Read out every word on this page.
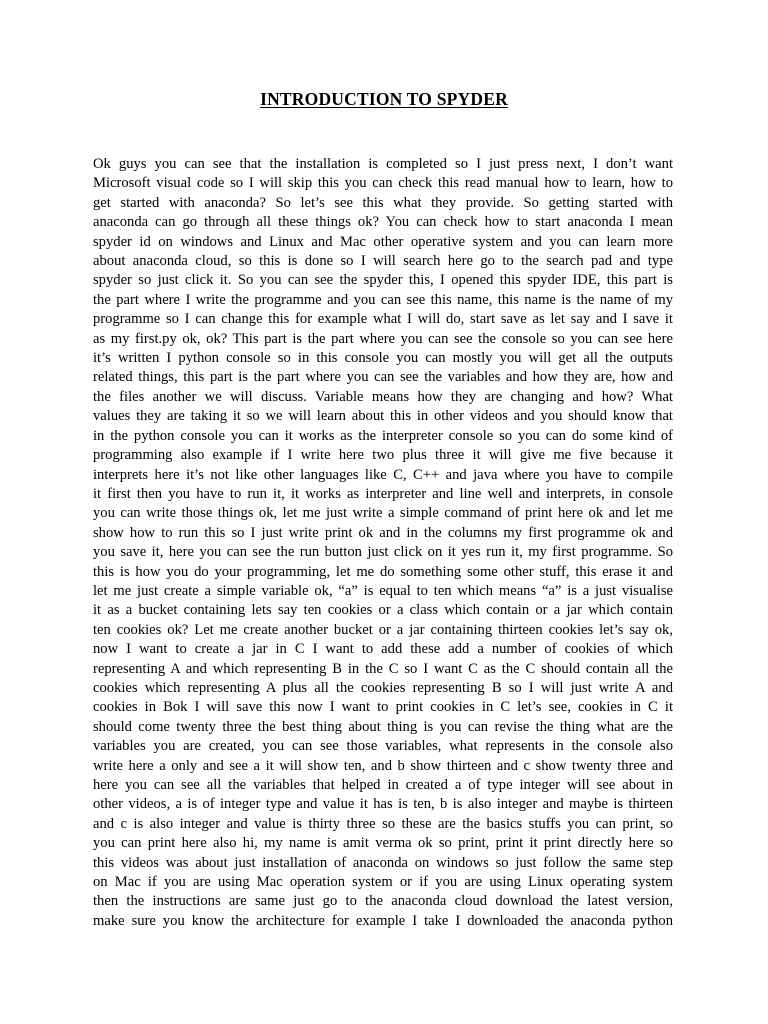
INTRODUCTION TO SPYDER
Ok guys you can see that the installation is completed so I just press next, I don’t want
Microsoft visual code so I will skip this you can check this read manual how to learn, how to
get started with anaconda? So let’s see this what they provide. So getting started with
anaconda can go through all these things ok? You can check how to start anaconda I mean
spyder id on windows and Linux and Mac other operative system and you can learn more
about anaconda cloud, so this is done so I will search here go to the search pad and type
spyder so just click it. So you can see the spyder this, I opened this spyder IDE, this part is
the part where I write the programme and you can see this name, this name is the name of my
programme so I can change this for example what I will do, start save as let say and I save it
as my first.py ok, ok? This part is the part where you can see the console so you can see here
it’s written I python console so in this console you can mostly you will get all the outputs
related things, this part is the part where you can see the variables and how they are, how and
the files another we will discuss. Variable means how they are changing and how? What
values they are taking it so we will learn about this in other videos and you should know that
in the python console you can it works as the interpreter console so you can do some kind of
programming also example if I write here two plus three it will give me five because it
interprets here it’s not like other languages like C, C++ and java where you have to compile
it first then you have to run it, it works as interpreter and line well and interprets, in console
you can write those things ok, let me just write a simple command of print here ok and let me
show how to run this so I just write print ok and in the columns my first programme ok and
you save it, here you can see the run button just click on it yes run it, my first programme. So
this is how you do your programming, let me do something some other stuff, this erase it and
let me just create a simple variable ok, “a” is equal to ten which means “a” is a just visualise
it as a bucket containing lets say ten cookies or a class which contain or a jar which contain
ten cookies ok? Let me create another bucket or a jar containing thirteen cookies let’s say ok,
now I want to create a jar in C I want to add these add a number of cookies of which
representing A and which representing B in the C so I want C as the C should contain all the
cookies which representing A plus all the cookies representing B so I will just write A and
cookies in Bok I will save this now I want to print cookies in C let’s see, cookies in C it
should come twenty three the best thing about thing is you can revise the thing what are the
variables you are created, you can see those variables, what represents in the console also
write here a only and see a it will show ten, and b show thirteen and c show twenty three and
here you can see all the variables that helped in created a of type integer will see about in
other videos, a is of integer type and value it has is ten, b is also integer and maybe is thirteen
and c is also integer and value is thirty three so these are the basics stuffs you can print, so
you can print here also hi, my name is amit verma ok so print, print it print directly here so
this videos was about just installation of anaconda on windows so just follow the same step
on Mac if you are using Mac operation system or if you are using Linux operating system
then the instructions are same just go to the anaconda cloud download the latest version,
make sure you know the architecture for example I take I downloaded the anaconda python
